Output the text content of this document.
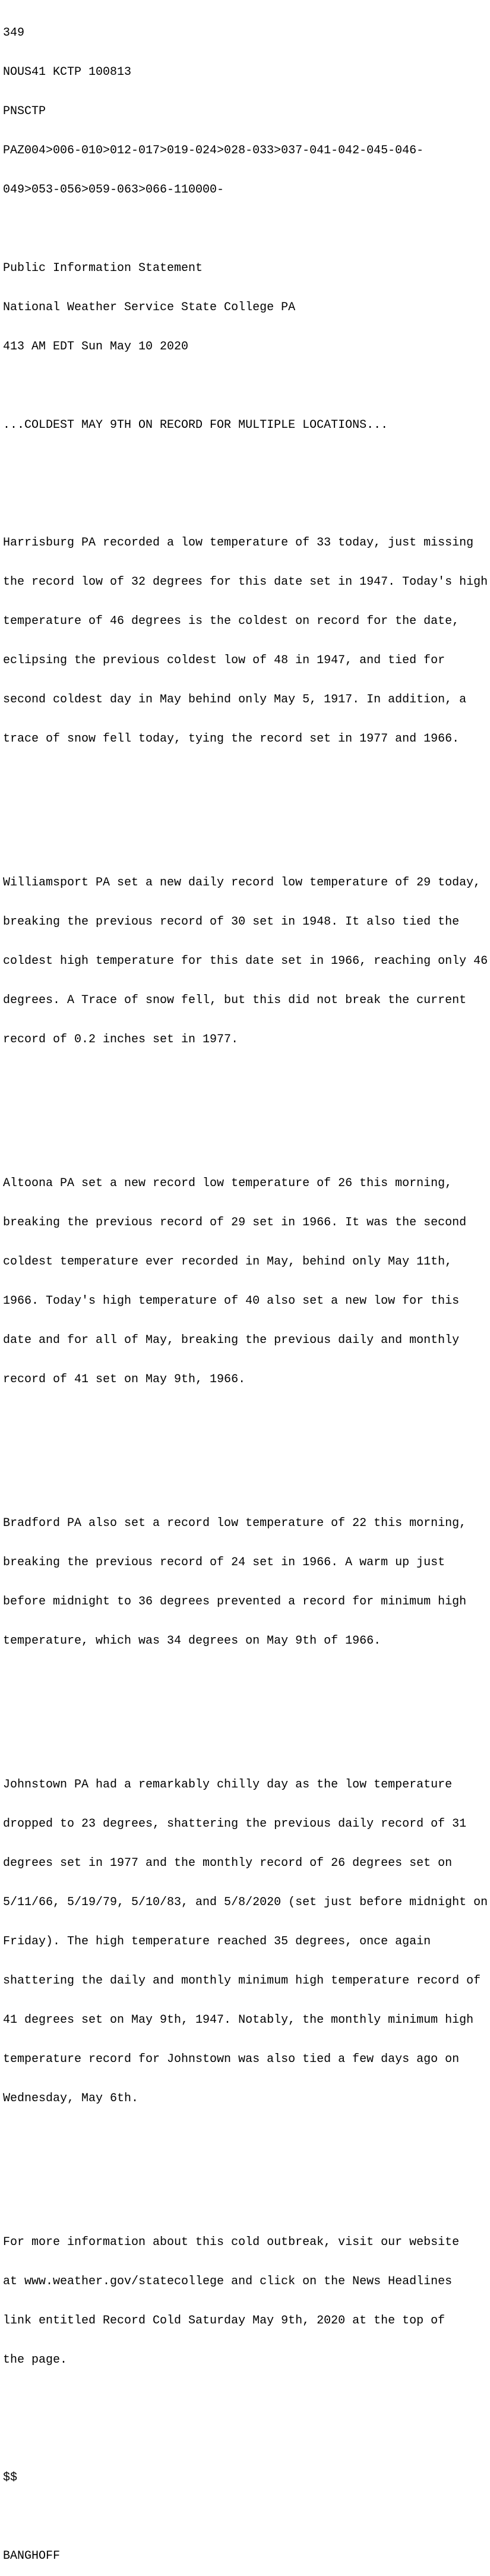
349

NOUS41 KCTP 100813

PNSCTP

PAZ004>006-010>012-017>019-024>028-033>037-041-042-045-046-

049>053-056>059-063>066-110000-

Public Information Statement

National Weather Service State College PA

413 AM EDT Sun May 10 2020

...COLDEST MAY 9TH ON RECORD FOR MULTIPLE LOCATIONS...

Harrisburg PA recorded a low temperature of 33 today, just missing

the record low of 32 degrees for this date set in 1947. Today's high

temperature of 46 degrees is the coldest on record for the date,

eclipsing the previous coldest low of 48 in 1947, and tied for

second coldest day in May behind only May 5, 1917. In addition, a

trace of snow fell today, tying the record set in 1977 and 1966.

Williamsport PA set a new daily record low temperature of 29 today,

breaking the previous record of 30 set in 1948. It also tied the

coldest high temperature for this date set in 1966, reaching only 46

degrees. A Trace of snow fell, but this did not break the current

record of 0.2 inches set in 1977.

Altoona PA set a new record low temperature of 26 this morning,

breaking the previous record of 29 set in 1966. It was the second

coldest temperature ever recorded in May, behind only May 11th,

1966. Today's high temperature of 40 also set a new low for this

date and for all of May, breaking the previous daily and monthly

record of 41 set on May 9th, 1966.

Bradford PA also set a record low temperature of 22 this morning,

breaking the previous record of 24 set in 1966. A warm up just

before midnight to 36 degrees prevented a record for minimum high

temperature, which was 34 degrees on May 9th of 1966.

Johnstown PA had a remarkably chilly day as the low temperature

dropped to 23 degrees, shattering the previous daily record of 31

degrees set in 1977 and the monthly record of 26 degrees set on

5/11/66, 5/19/79, 5/10/83, and 5/8/2020 (set just before midnight on

Friday). The high temperature reached 35 degrees, once again

shattering the daily and monthly minimum high temperature record of

41 degrees set on May 9th, 1947. Notably, the monthly minimum high

temperature record for Johnstown was also tied a few days ago on

Wednesday, May 6th.

For more information about this cold outbreak, visit our website

at www.weather.gov/statecollege and click on the News Headlines

link entitled Record Cold Saturday May 9th, 2020 at the top of

the page.

$$

BANGHOFF
